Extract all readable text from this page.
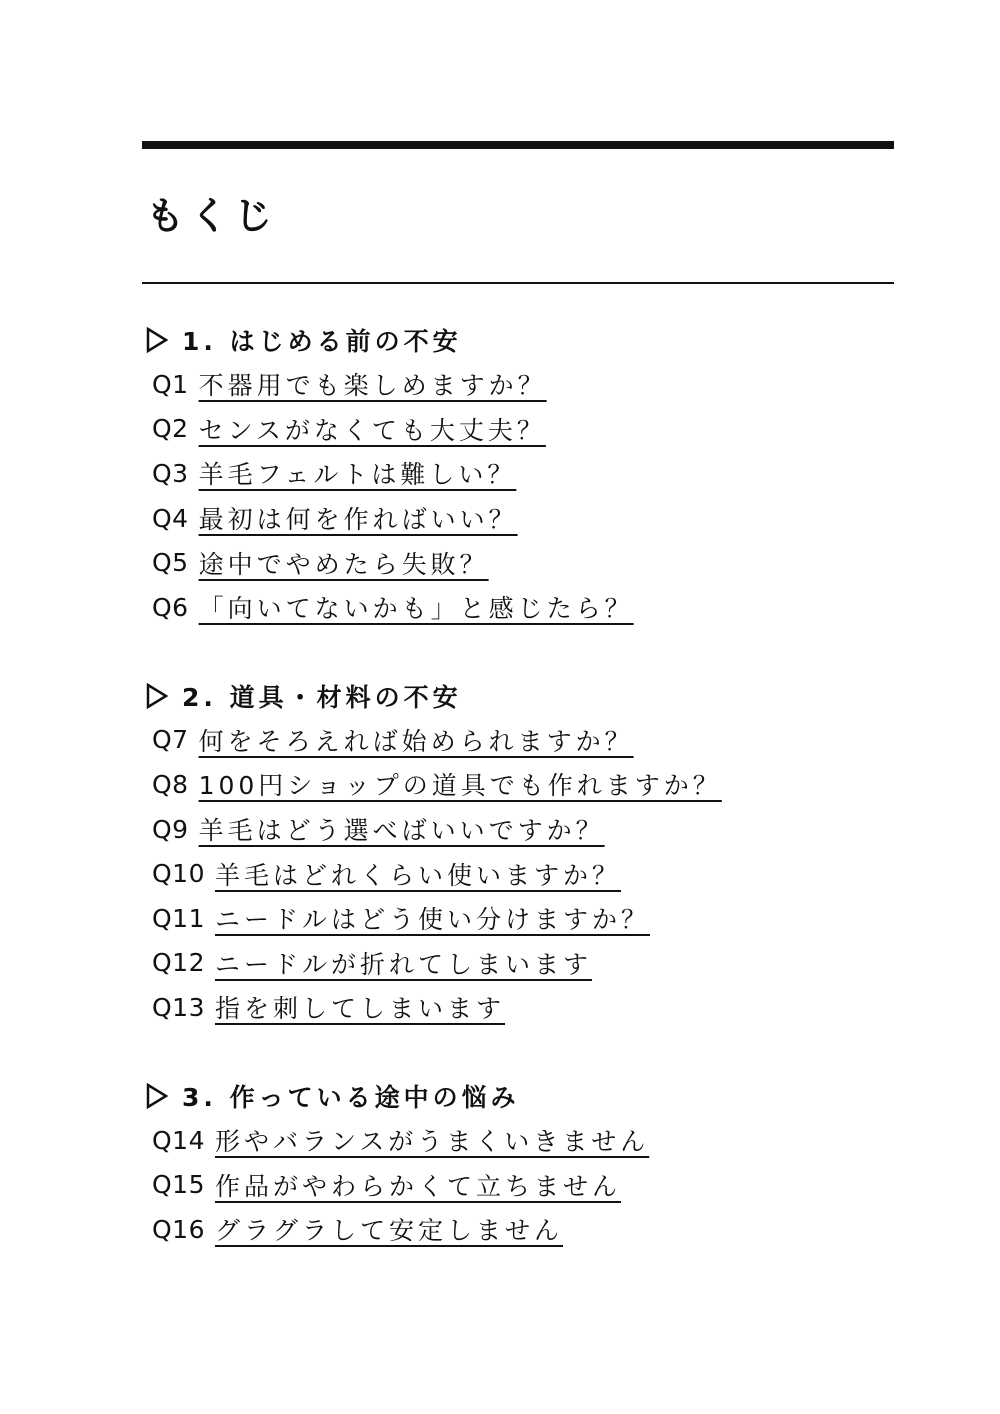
もくじ
1. はじめる前の不安
Q1 不器用でも楽しめますか？
Q2 センスがなくても大丈夫？
Q3 羊毛フェルトは難しい？
Q4 最初は何を作ればいい？
Q5 途中でやめたら失敗？
Q6 「向いてないかも」と感じたら？
2. 道具・材料の不安
Q7 何をそろえれば始められますか？
Q8 100円ショップの道具でも作れますか？
Q9 羊毛はどう選べばいいですか？
Q10 羊毛はどれくらい使いますか？
Q11 ニードルはどう使い分けますか？
Q12 ニードルが折れてしまいます
Q13 指を刺してしまいます
3. 作っている途中の悩み
Q14 形やバランスがうまくいきません
Q15 作品がやわらかくて立ちません
Q16 グラグラして安定しません
